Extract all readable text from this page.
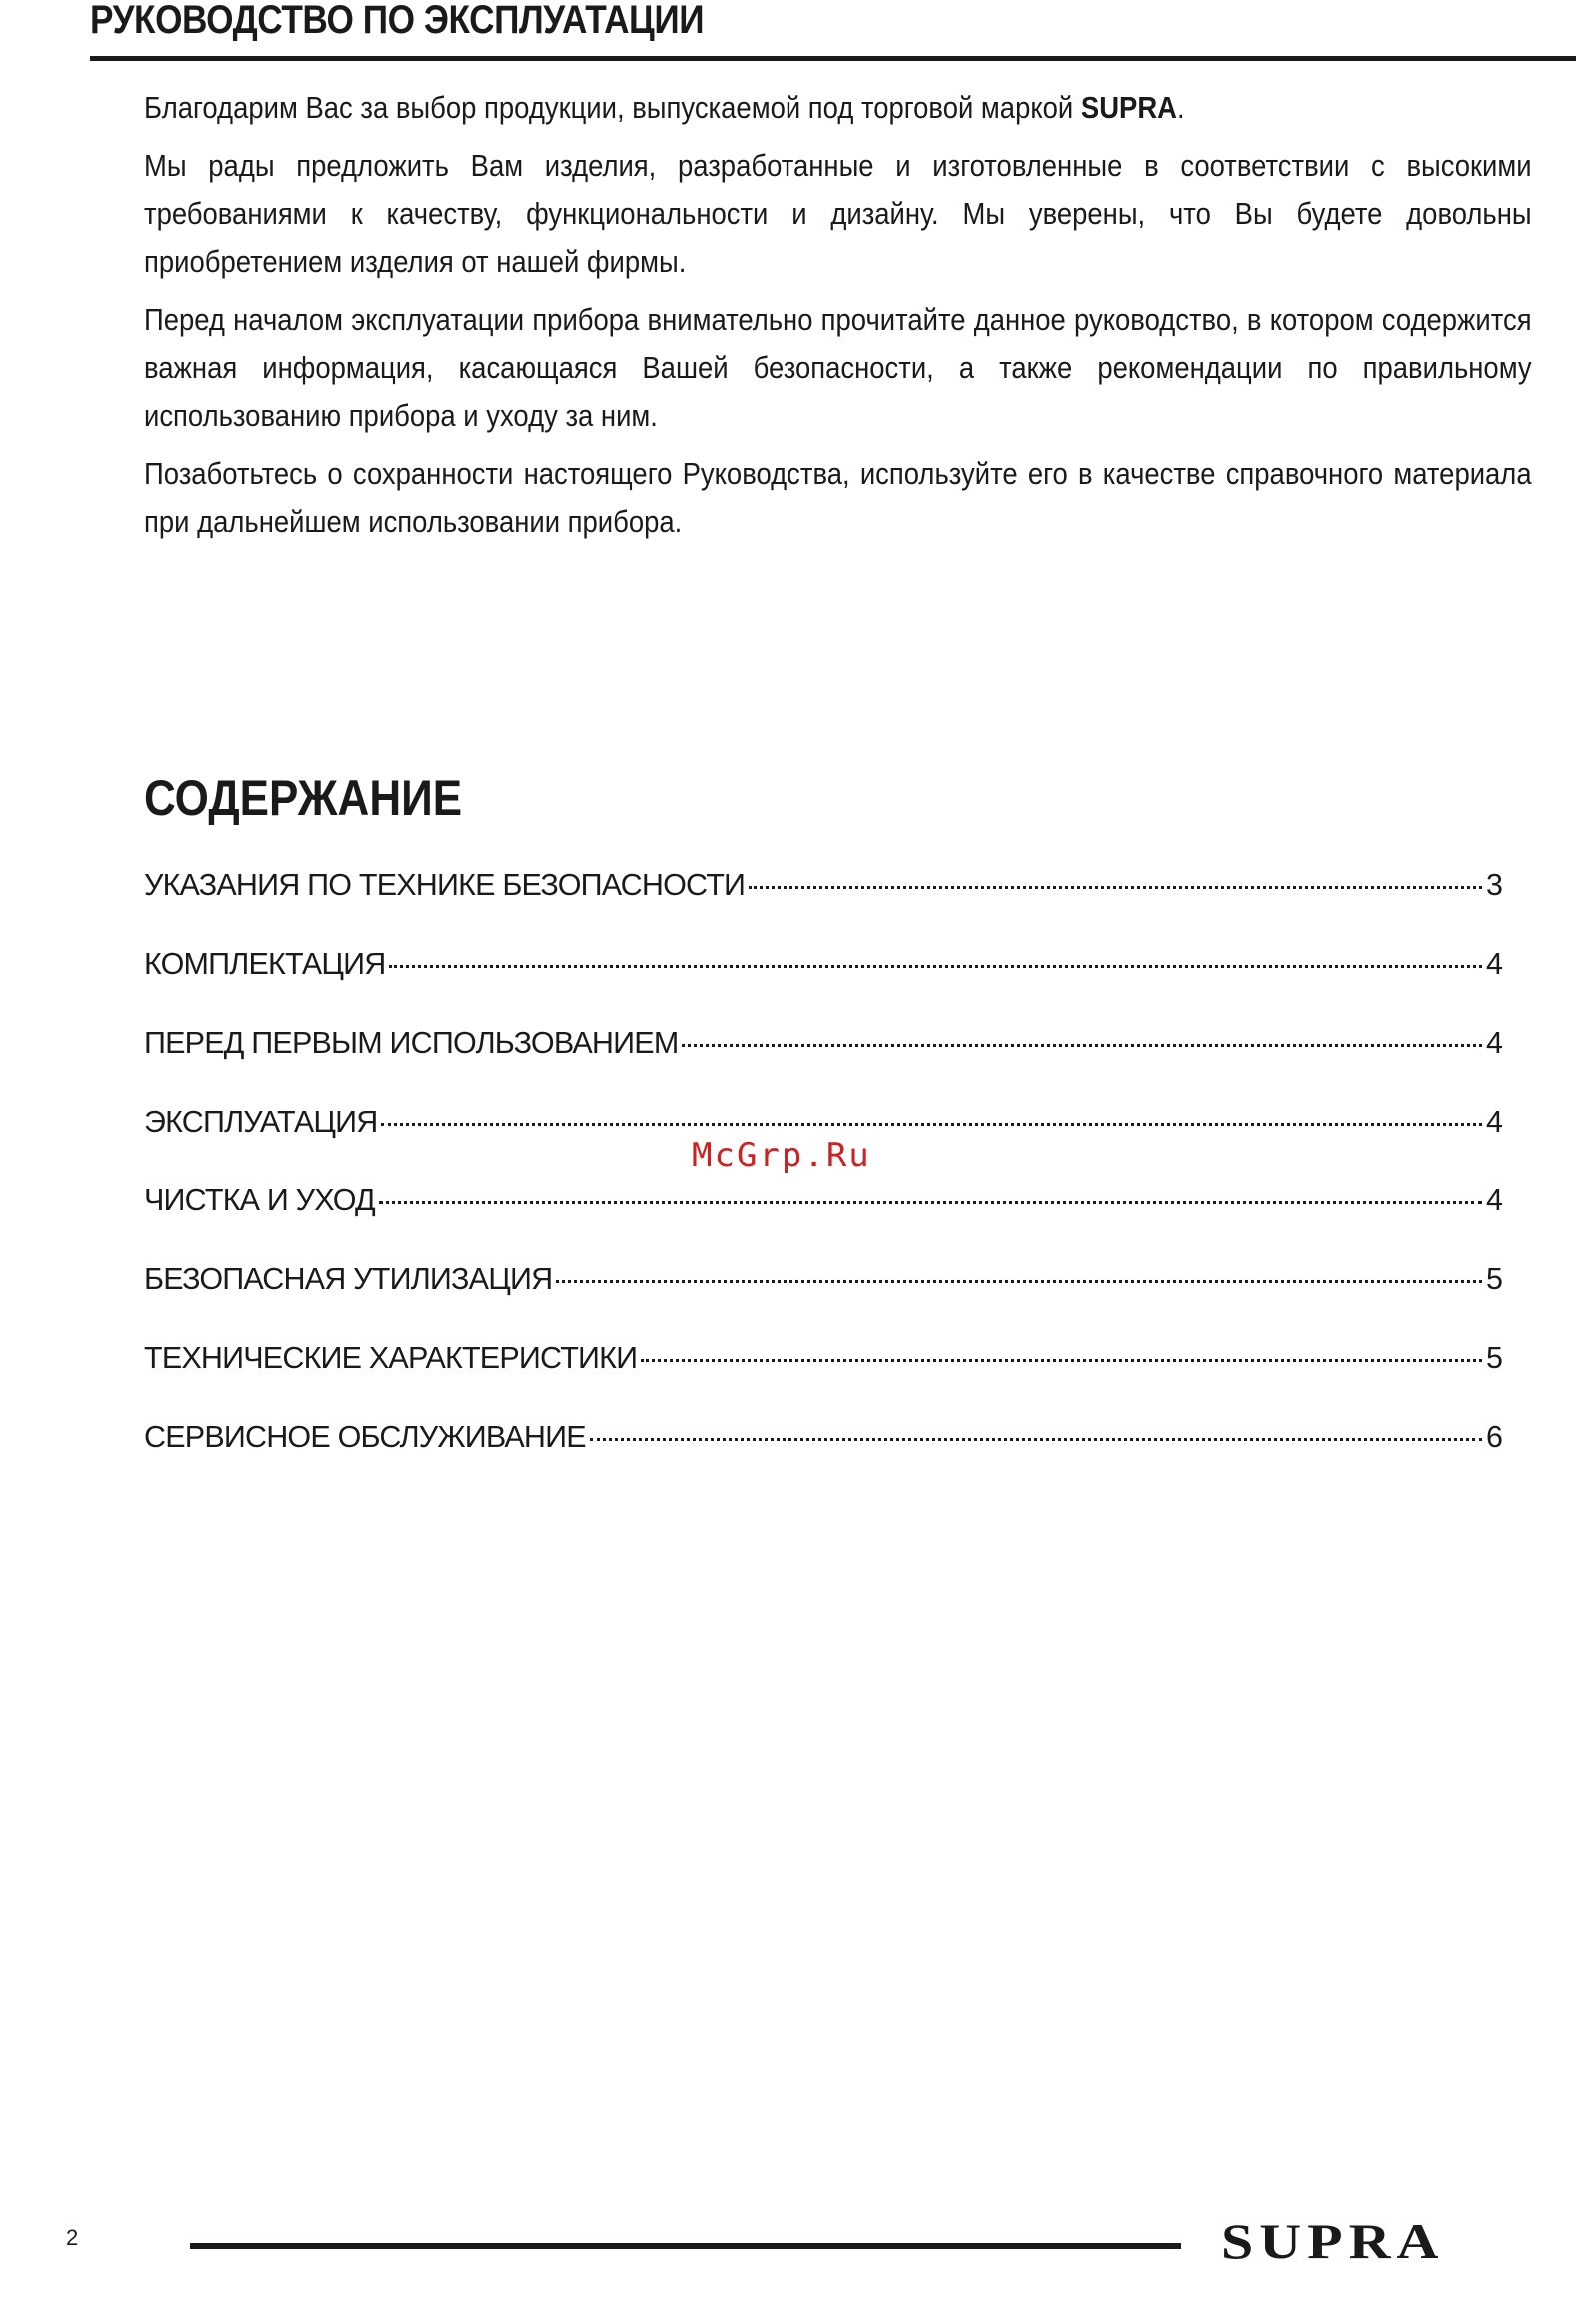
РУКОВОДСТВО ПО ЭКСПЛУАТАЦИИ

Благодарим Вас за выбор продукции, выпускаемой под торговой маркой SUPRA.

Мы рады предложить Вам изделия, разработанные и изготовленные в соответствии с высокими требованиями к качеству, функциональности и дизайну. Мы уверены, что Вы будете довольны приобретением изделия от нашей фирмы.

Перед началом эксплуатации прибора внимательно прочитайте данное руководство, в котором содержится важная информация, касающаяся Вашей безопасности, а также рекомендации по правильному использованию прибора и уходу за ним.

Позаботьтесь о сохранности настоящего Руководства, используйте его в качестве справочного материала при дальнейшем использовании прибора.

СОДЕРЖАНИЕ
УКАЗАНИЯ ПО ТЕХНИКЕ БЕЗОПАСНОСТИ	3
КОМПЛЕКТАЦИЯ	4
ПЕРЕД ПЕРВЫМ ИСПОЛЬЗОВАНИЕМ	4
ЭКСПЛУАТАЦИЯ	4
ЧИСТКА И УХОД	4
БЕЗОПАСНАЯ УТИЛИЗАЦИЯ	5
ТЕХНИЧЕСКИЕ ХАРАКТЕРИСТИКИ	5
СЕРВИСНОЕ ОБСЛУЖИВАНИЕ	6
McGrp.Ru
2	SUPRA
